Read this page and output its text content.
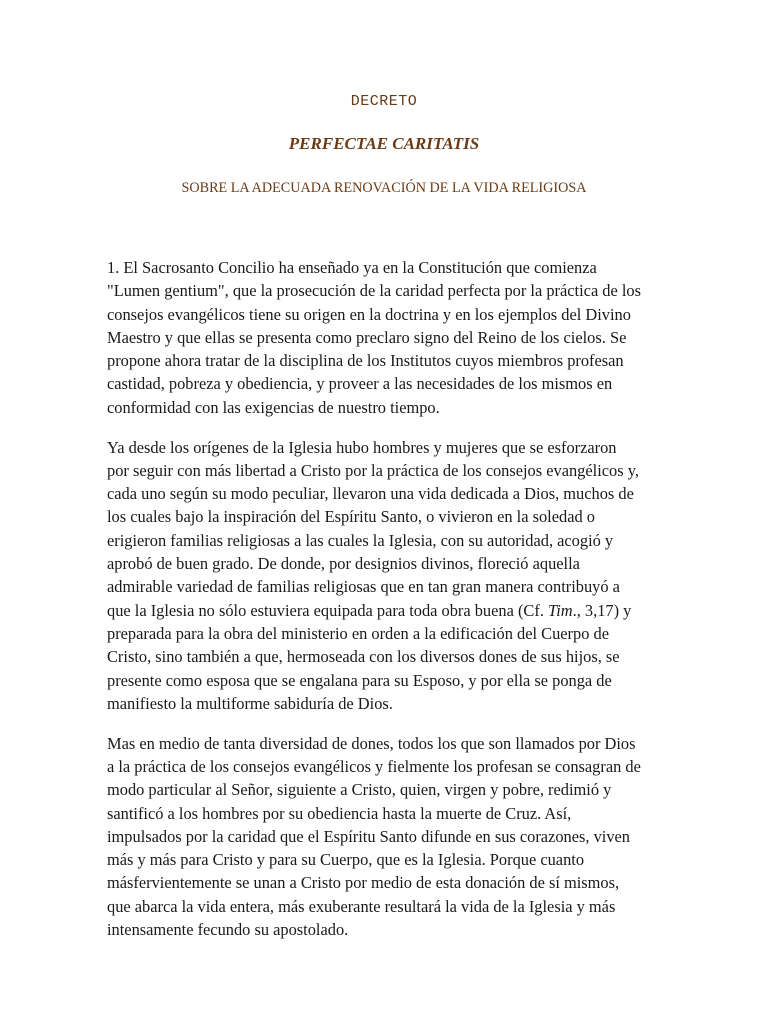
DECRETO
PERFECTAE CARITATIS
SOBRE LA ADECUADA RENOVACIÓN DE LA VIDA RELIGIOSA

1. El Sacrosanto Concilio ha enseñado ya en la Constitución que comienza
"Lumen gentium", que la prosecución de la caridad perfecta por la práctica de los
consejos evangélicos tiene su origen en la doctrina y en los ejemplos del Divino
Maestro y que ellas se presenta como preclaro signo del Reino de los cielos. Se
propone ahora tratar de la disciplina de los Institutos cuyos miembros profesan
castidad, pobreza y obediencia, y proveer a las necesidades de los mismos en
conformidad con las exigencias de nuestro tiempo.

Ya desde los orígenes de la Iglesia hubo hombres y mujeres que se esforzaron
por seguir con más libertad a Cristo por la práctica de los consejos evangélicos y,
cada uno según su modo peculiar, llevaron una vida dedicada a Dios, muchos de
los cuales bajo la inspiración del Espíritu Santo, o vivieron en la soledad o
erigieron familias religiosas a las cuales la Iglesia, con su autoridad, acogió y
aprobó de buen grado. De donde, por designios divinos, floreció aquella
admirable variedad de familias religiosas que en tan gran manera contribuyó a
que la Iglesia no sólo estuviera equipada para toda obra buena (Cf. Tim., 3,17) y
preparada para la obra del ministerio en orden a la edificación del Cuerpo de
Cristo, sino también a que, hermoseada con los diversos dones de sus hijos, se
presente como esposa que se engalana para su Esposo, y por ella se ponga de
manifiesto la multiforme sabiduría de Dios.

Mas en medio de tanta diversidad de dones, todos los que son llamados por Dios
a la práctica de los consejos evangélicos y fielmente los profesan se consagran de
modo particular al Señor, siguiente a Cristo, quien, virgen y pobre, redimió y
santificó a los hombres por su obediencia hasta la muerte de Cruz. Así,
impulsados por la caridad que el Espíritu Santo difunde en sus corazones, viven
más y más para Cristo y para su Cuerpo, que es la Iglesia. Porque cuanto
másfervientemente se unan a Cristo por medio de esta donación de sí mismos,
que abarca la vida entera, más exuberante resultará la vida de la Iglesia y más
intensamente fecundo su apostolado.
